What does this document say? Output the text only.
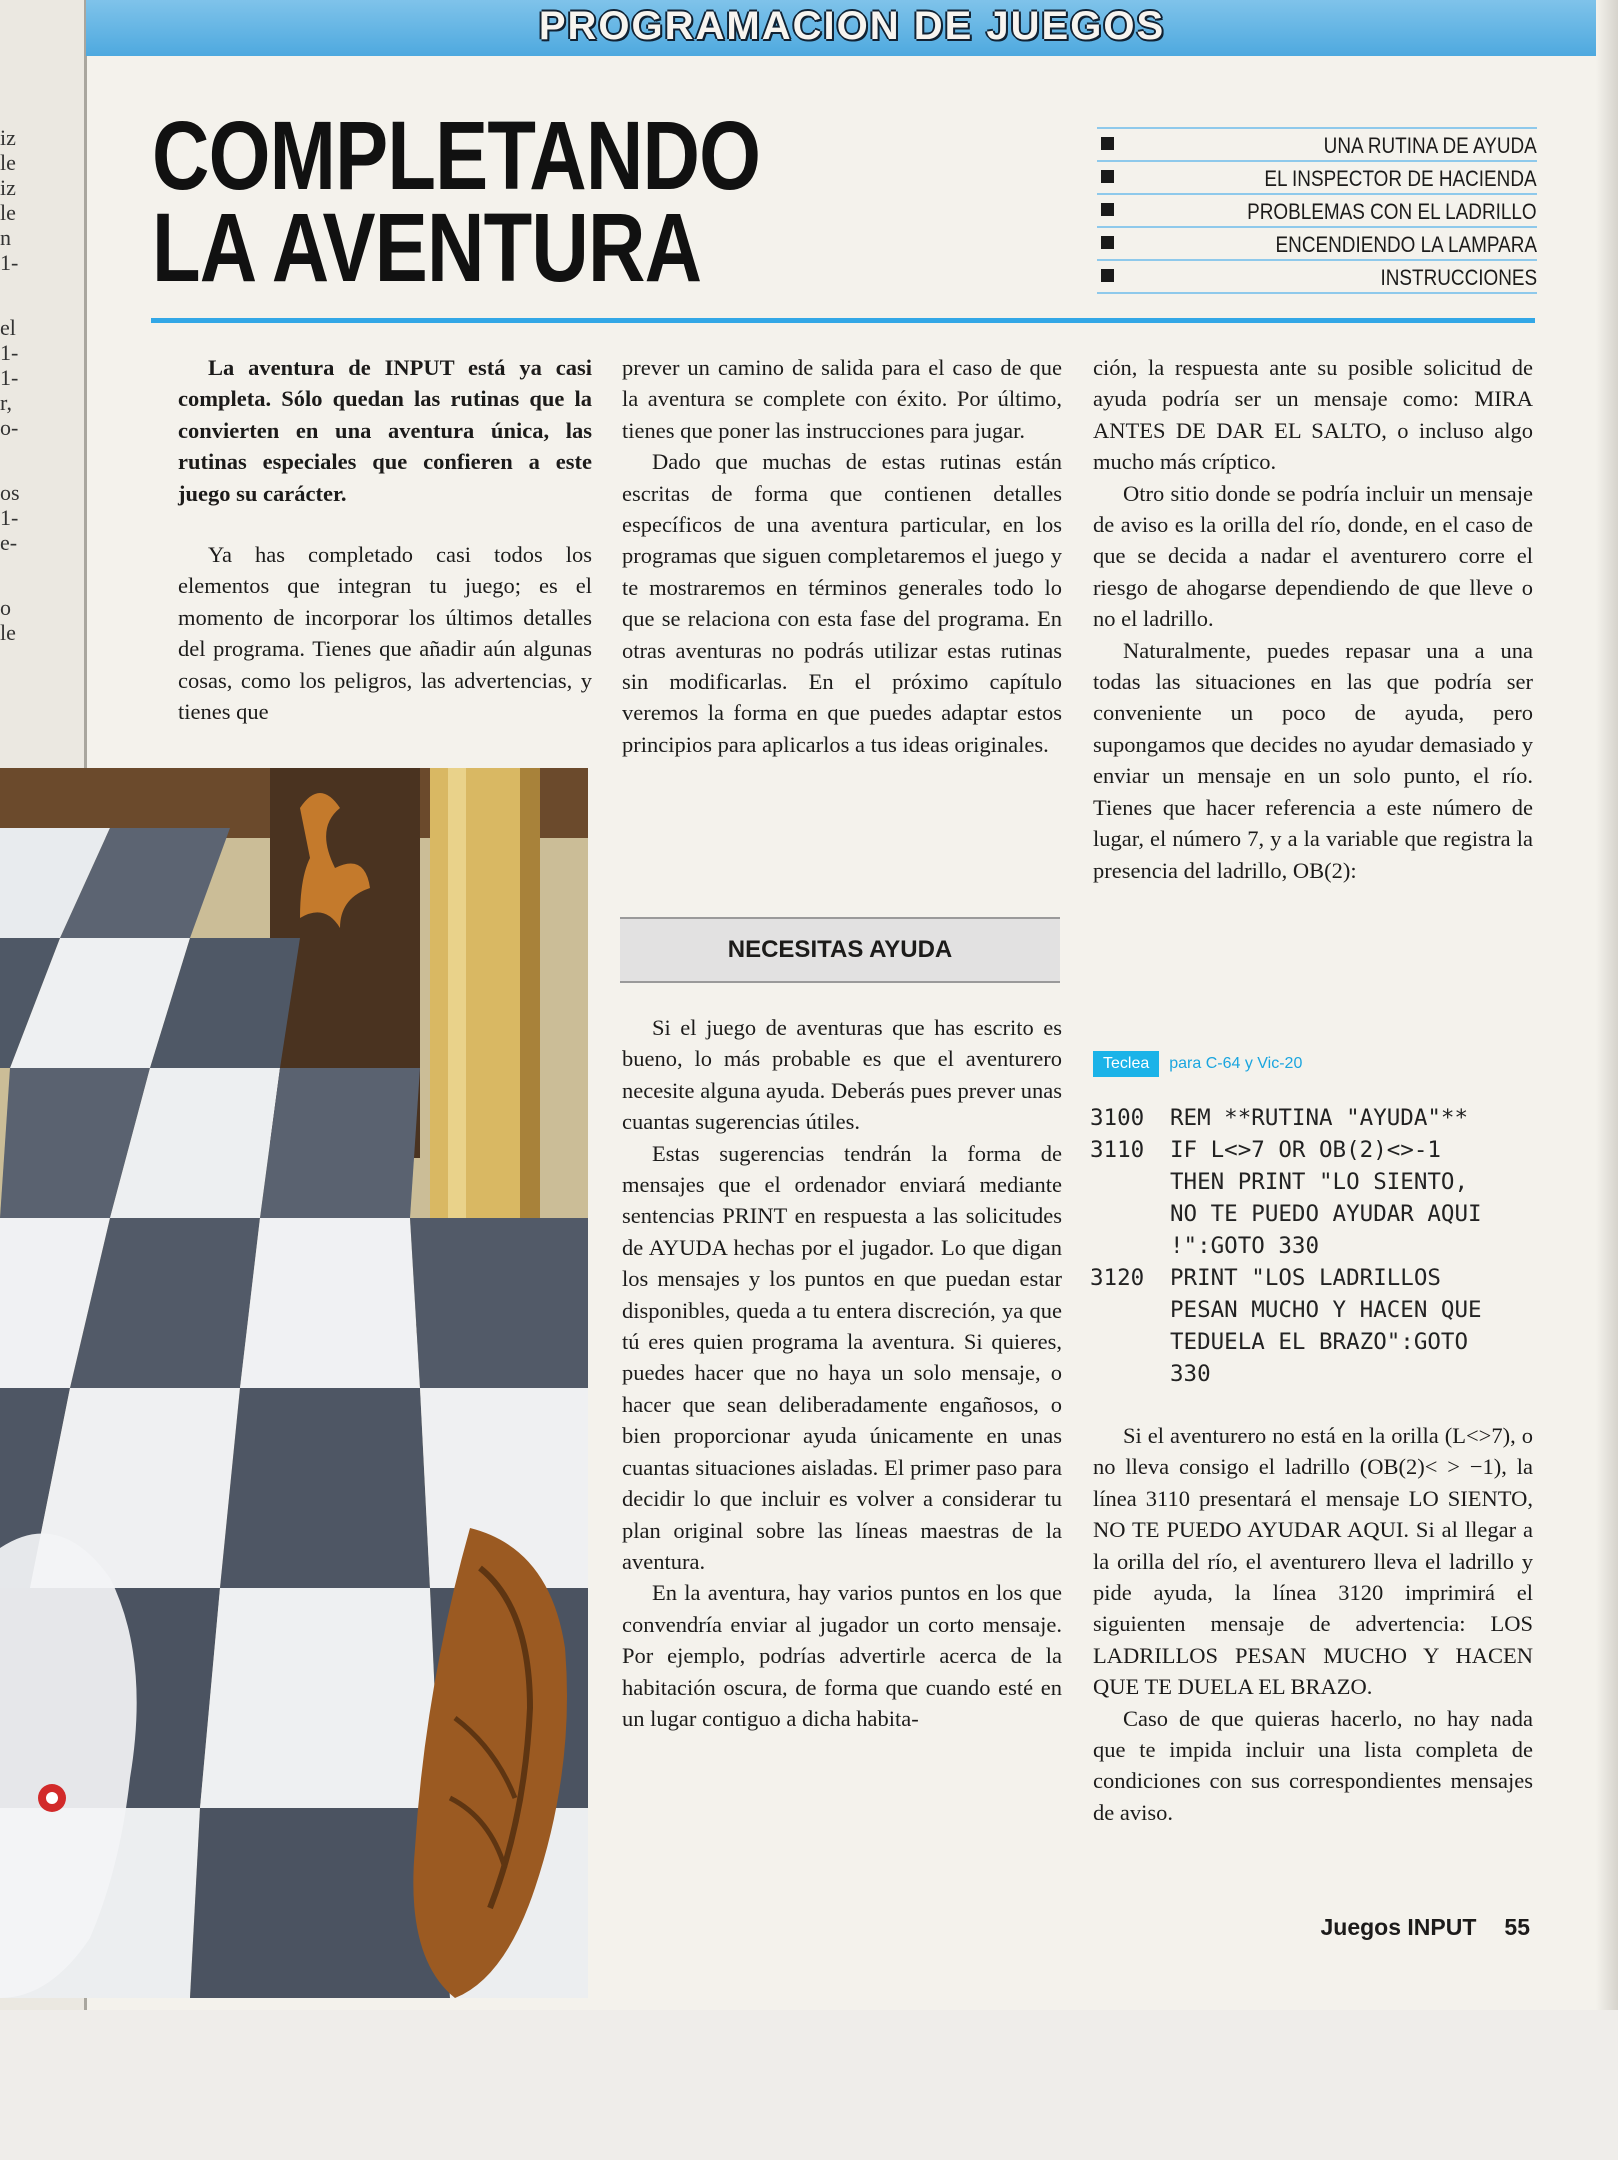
iz
le
iz
le
n
1-
el
1-
1-
r,
o-
os
1-
e-
o
le
PROGRAMACION DE JUEGOS
COMPLETANDO
LA AVENTURA
UNA RUTINA DE AYUDA
EL INSPECTOR DE HACIENDA
PROBLEMAS CON EL LADRILLO
ENCENDIENDO LA LAMPARA
INSTRUCCIONES

La aventura de INPUT está ya casi completa. Sólo quedan las rutinas que la convierten en una aventura única, las rutinas especiales que confieren a este juego su carácter.

Ya has completado casi todos los elementos que integran tu juego; es el momento de incorporar los últimos detalles del programa. Tienes que añadir aún algunas cosas, como los peligros, las advertencias, y tienes que

prever un camino de salida para el caso de que la aventura se complete con éxito. Por último, tienes que poner las instrucciones para jugar.

Dado que muchas de estas rutinas están escritas de forma que contienen detalles específicos de una aventura particular, en los programas que siguen completaremos el juego y te mostraremos en términos generales todo lo que se relaciona con esta fase del programa. En otras aventuras no podrás utilizar estas rutinas sin modificarlas. En el próximo capítulo veremos la forma en que puedes adaptar estos principios para aplicarlos a tus ideas originales.

NECESITAS AYUDA

Si el juego de aventuras que has escrito es bueno, lo más probable es que el aventurero necesite alguna ayuda. Deberás pues prever unas cuantas sugerencias útiles.

Estas sugerencias tendrán la forma de mensajes que el ordenador enviará mediante sentencias PRINT en respuesta a las solicitudes de AYUDA hechas por el jugador. Lo que digan los mensajes y los puntos en que puedan estar disponibles, queda a tu entera discreción, ya que tú eres quien programa la aventura. Si quieres, puedes hacer que no haya un solo mensaje, o hacer que sean deliberadamente engañosos, o bien proporcionar ayuda únicamente en unas cuantas situaciones aisladas. El primer paso para decidir lo que incluir es volver a considerar tu plan original sobre las líneas maestras de la aventura.

En la aventura, hay varios puntos en los que convendría enviar al jugador un corto mensaje. Por ejemplo, podrías advertirle acerca de la habitación oscura, de forma que cuando esté en un lugar contiguo a dicha habita-

ción, la respuesta ante su posible solicitud de ayuda podría ser un mensaje como: MIRA ANTES DE DAR EL SALTO, o incluso algo mucho más críptico.

Otro sitio donde se podría incluir un mensaje de aviso es la orilla del río, donde, en el caso de que se decida a nadar el aventurero corre el riesgo de ahogarse dependiendo de que lleve o no el ladrillo.

Naturalmente, puedes repasar una a una todas las situaciones en las que podría ser conveniente un poco de ayuda, pero supongamos que decides no ayudar demasiado y enviar un mensaje en un solo punto, el río. Tienes que hacer referencia a este número de lugar, el número 7, y a la variable que registra la presencia del ladrillo, OB(2):

Teclea	para C-64 y Vic-20
3100	REM **RUTINA "AYUDA"**
3110	IF L<>7 OR OB(2)<>-1
THEN PRINT "LO SIENTO,
NO TE PUEDO AYUDAR AQUI
!":GOTO 330
3120	PRINT "LOS LADRILLOS
PESAN MUCHO Y HACEN QUE
TEDUELA EL BRAZO":GOTO
330

Si el aventurero no está en la orilla (L<>7), o no lleva consigo el ladrillo (OB(2)< > −1), la línea 3110 presentará el mensaje LO SIENTO, NO TE PUEDO AYUDAR AQUI. Si al llegar a la orilla del río, el aventurero lleva el ladrillo y pide ayuda, la línea 3120 imprimirá el siguienten mensaje de advertencia: LOS LADRILLOS PESAN MUCHO Y HACEN QUE TE DUELA EL BRAZO.

Caso de que quieras hacerlo, no hay nada que te impida incluir una lista completa de condiciones con sus correspondientes mensajes de aviso.

Juegos INPUT 55
